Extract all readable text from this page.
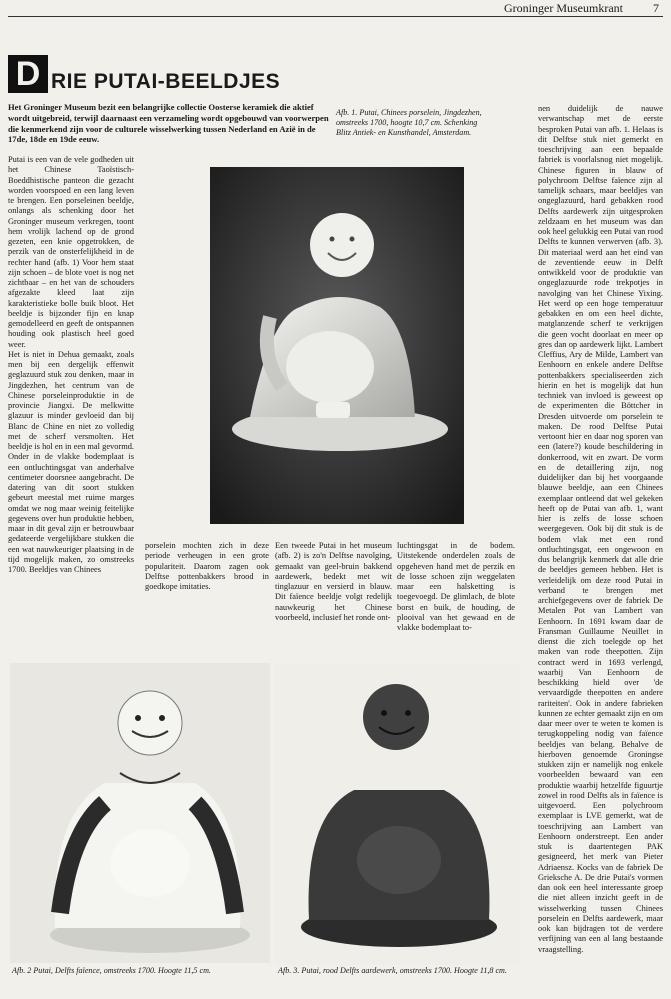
Groninger Museumkrant	7
D RIE PUTAI-BEELDJES
Het Groninger Museum bezit een belangrijke collectie Oosterse keramiek die aktief wordt uitgebreid, terwijl daarnaast een verzameling wordt opgebouwd van voorwerpen die kenmerkend zijn voor de culturele wisselwerking tussen Nederland en Azië in de 17de, 18de en 19de eeuw.
Afb. 1. Putai, Chinees porselein, Jingdezhen, omstreeks 1700, hoogte 10,7 cm. Schenking Blitz Antiek- en Kunsthandel, Amsterdam.

Putai is een van de vele godheden uit het Chinese Taoïstisch-Boeddhistische panteon die gezacht worden voorspoed en een lang leven te brengen. Een porseleinen beeldje, onlangs als schenking door het Groninger museum verkregen, toont hem vrolijk lachend op de grond gezeten, een knie opgetrokken, de perzik van de onsterfelijkheid in de rechter hand (afb. 1) Voor hem staat zijn schoen – de blote voet is nog net zichtbaar – en het van de schouders afgezakte kleed laat zijn karakteristieke bolle buik bloot. Het beeldje is bijzonder fijn en knap gemodelleerd en geeft de ontspannen houding ook plastisch heel goed weer.

Het is niet in Dehua gemaakt, zoals men bij een dergelijk effenwit geglazuurd stuk zou denken, maar in Jingdezhen, het centrum van de Chinese porseleinproduktie in de provincie Jiangxi. De melkwitte glazuur is minder gevloeid dan bij Blanc de Chine en niet zo volledig met de scherf versmolten. Het beeldje is hol en in een mal gevormd. Onder in de vlakke bodemplaat is een ontluchtingsgat van anderhalve centimeter doorsnee aangebracht. De datering van dit soort stukken gebeurt meestal met ruime marges omdat we nog maar weinig feitelijke gegevens over hun produktie hebben, maar in dit geval zijn er betrouwbaar gedateerde vergelijkbare stukken die een wat nauwkeuriger plaatsing in de tijd mogelijk maken, zo omstreeks 1700. Beeldjes van Chinees

porselein mochten zich in deze periode verheugen in een grote populariteit. Daarom zagen ook Delftse pottenbakkers brood in goedkope imitaties.
Een tweede Putai in het museum (afb. 2) is zo'n Delftse navolging, gemaakt van geel-bruin bakkend aardewerk, bedekt met wit tinglazuur en versierd in blauw. Dit faïence beeldje volgt redelijk nauwkeurig het Chinese voorbeeld, inclusief het ronde ont-
luchtingsgat in de bodem. Uitstekende onderdelen zoals de opgeheven hand met de perzik en de losse schoen zijn weggelaten maar een halsketting is toegevoegd. De glimlach, de blote borst en buik, de houding, de plooival van het gewaad en de vlakke bodemplaat to-
nen duidelijk de nauwe verwantschap met de eerste besproken Putai van afb. 1. Helaas is dit Delftse stuk niet gemerkt en toeschrijving aan een bepaalde fabriek is voorlalsnog niet mogelijk. Chinese figuren in blauw of polychroom Delftse faïence zijn al tamelijk schaars, maar beeldjes van ongeglazuurd, hard gebakken rood Delfts aardewerk zijn uitgesproken zeldzaam en het museum was dan ook heel gelukkig een Putai van rood Delfts te kunnen verwerven (afb. 3). Dit materiaal werd aan het eind van de zeventiende eeuw in Delft ontwikkeld voor de produktie van ongeglazuurde rode trekpotjes in navolging van het Chinese Yixing. Het werd op een hoge temperatuur gebakken en om een heel dichte, matglanzende scherf te verkrijgen die geen vocht doorlaat en meer op gres dan op aardewerk lijkt. Lambert Cleffius, Ary de Milde, Lambert van Eenhoorn en enkele andere Delftse pottenbakkers specialiseerden zich hierin en het is mogelijk dat hun techniek van invloed is geweest op de experimenten die Böttcher in Dresden uitvoerde om porselein te maken. De rood Delftse Putai vertoont hier en daar nog sporen van een (latere?) koude beschildering in donkerrood, wit en zwart. De vorm en de detaillering zijn, nog duidelijker dan bij het voorgaande blauwe beeldje, aan een Chinees exemplaar ontleend dat wel gekeken heeft op de Putai van afb. 1, want hier is zelfs de losse schoen weergegeven. Ook bij dit stuk is de bodem vlak met een rond ontluchtingsgat, een ongewoon en dus belangrijk kenmerk dat alle drie de beeldjes gemeen hebben. Het is verleidelijk om deze rood Putai in verband te brengen met archiefgegevens over de fabriek De Metalen Pot van Lambert van Eenhoorn. In 1691 kwam daar de Fransman Guillaume Neuillet in dienst die zich toelegde op het maken van rode theepotten. Zijn contract werd in 1693 verlengd, waarbij Van Eenhoorn de beschikking hield over 'de vervaardigde theepotten en andere rariteiten'. Ook in andere fabrieken kunnen ze echter gemaakt zijn en om daar meer over te weten te komen is terugkoppeling nodig van faïence beeldjes van belang. Behalve de hierboven genoemde Groningse stukken zijn er namelijk nog enkele voorbeelden bewaard van een produktie waarbij hetzelfde figuurtje zowel in rood Delfts als in faïence is uitgevoerd. Een polychroom exemplaar is LVE gemerkt, wat de toeschrijving aan Lambert van Eenhoorn onderstreept. Een ander stuk is daartentegen PAK gesigneerd, het merk van Pieter Adriaensz. Kocks van de fabriek De Grieksche A. De drie Putai's vormen dan ook een heel interessante groep die niet alleen inzicht geeft in de wisselwerking tussen Chinees porselein en Delfts aardewerk, maar ook kan bijdragen tot de verdere verfijning van een al lang bestaande vraagstelling.
Afb. 2 Putai, Delfts faïence, omstreeks 1700. Hoogte 11,5 cm.	Afb. 3. Putai, rood Delfts aardewerk, omstreeks 1700. Hoogte 11,8 cm.
